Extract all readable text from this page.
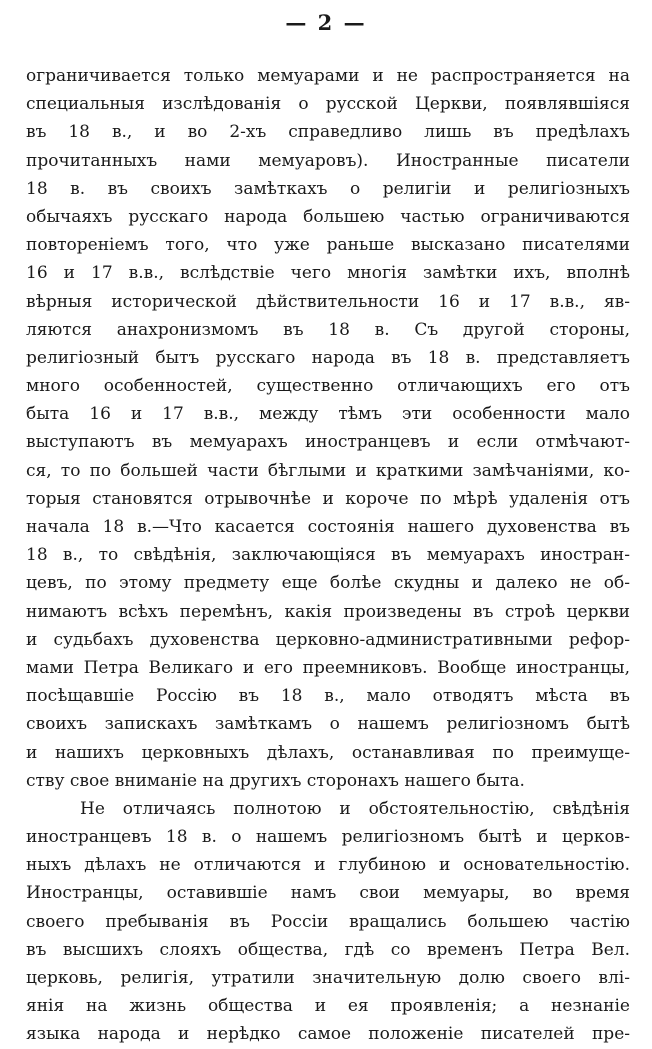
— 2 —
ограничивается только мемуарами и не распространяется на
специальныя изслѣдованія о русской Церкви, появлявшіяся
въ 18 в., и во 2-хъ справедливо лишь въ предѣлахъ
прочитанныхъ нами мемуаровъ). Иностранные писатели
18 в. въ своихъ замѣткахъ о религіи и религіозныхъ
обычаяхъ русскаго народа большею частью ограничиваются
повтореніемъ того, что уже раньше высказано писателями
16 и 17 в.в., вслѣдствіе чего многія замѣтки ихъ, вполнѣ
вѣрныя исторической дѣйствительности 16 и 17 в.в., яв-
ляются анахронизмомъ въ 18 в. Съ другой стороны,
религіозный бытъ русскаго народа въ 18 в. представляетъ
много особенностей, существенно отличающихъ его отъ
быта 16 и 17 в.в., между тѣмъ эти особенности мало
выступаютъ въ мемуарахъ иностранцевъ и если отмѣчают-
ся, то по большей части бѣглыми и краткими замѣчаніями, ко-
торыя становятся отрывочнѣе и короче по мѣрѣ удаленія отъ
начала 18 в.—Что касается состоянія нашего духовенства въ
18 в., то свѣдѣнія, заключающіяся въ мемуарахъ иностран-
цевъ, по этому предмету еще болѣе скудны и далеко не об-
нимаютъ всѣхъ перемѣнъ, какія произведены въ строѣ церкви
и судьбахъ духовенства церковно-административными рефор-
мами Петра Великаго и его преемниковъ. Вообще иностранцы,
посѣщавшіе Россію въ 18 в., мало отводятъ мѣста въ
своихъ запискахъ замѣткамъ о нашемъ религіозномъ бытѣ
и нашихъ церковныхъ дѣлахъ, останавливая по преимуще-
ству свое вниманіе на другихъ сторонахъ нашего быта.
Не отличаясь полнотою и обстоятельностію, свѣдѣнія
иностранцевъ 18 в. о нашемъ религіозномъ бытѣ и церков-
ныхъ дѣлахъ не отличаются и глубиною и основательностію.
Иностранцы, оставившіе намъ свои мемуары, во время
своего пребыванія въ Россіи вращались большею частію
въ высшихъ слояхъ общества, гдѣ со временъ Петра Вел.
церковь, религія, утратили значительную долю своего влі-
янія на жизнь общества и ея проявленія; а незнаніе
языка народа и нерѣдко самое положеніе писателей пре-
